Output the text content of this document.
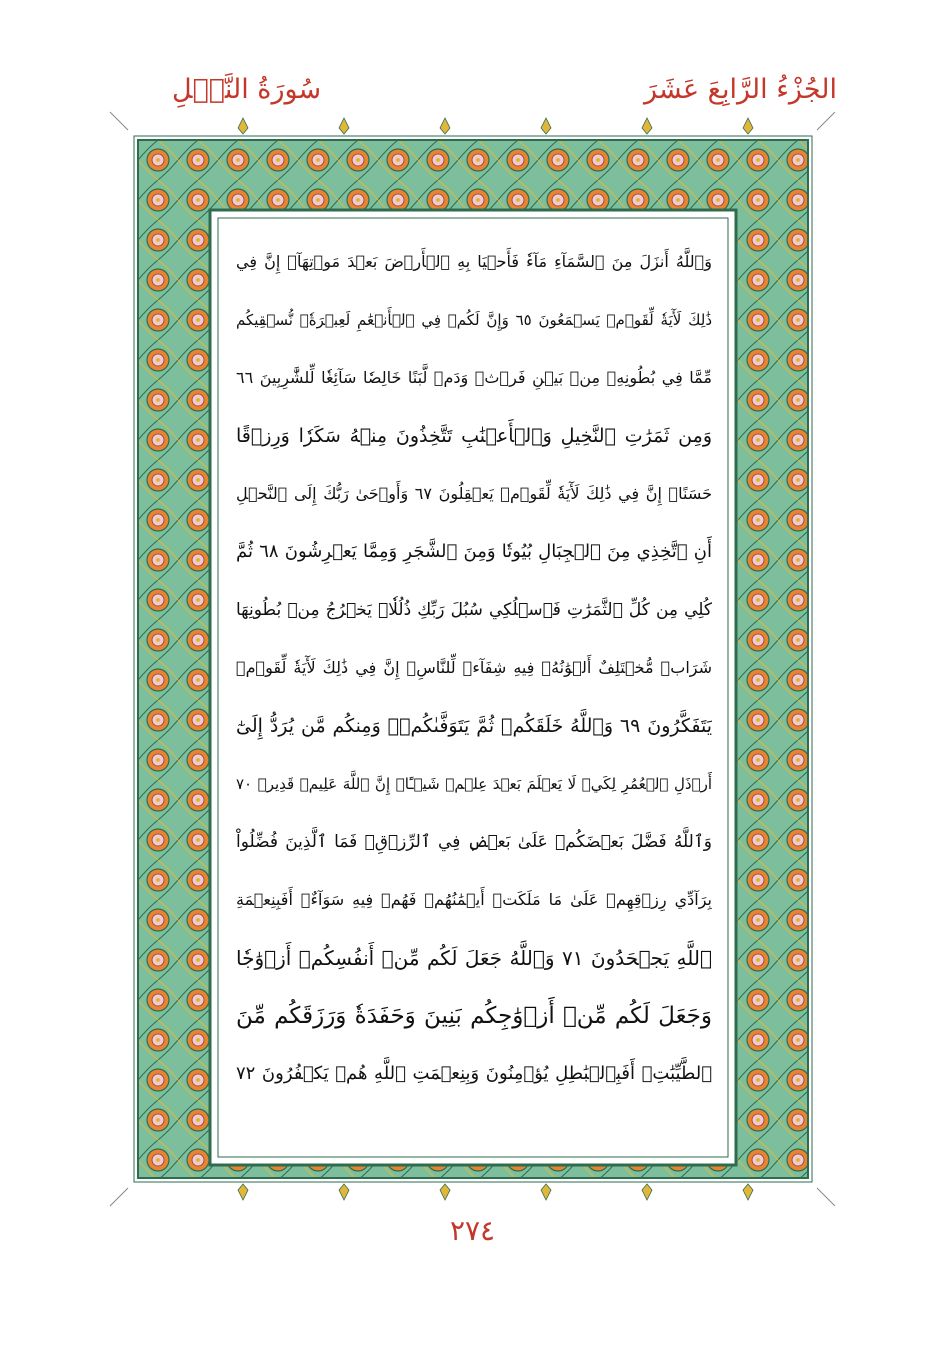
الجُزْءُ الرَّابِعَ عَشَرَ
سُورَةُ النَّحۡلِ
وَٱللَّهُ أَنزَلَ مِنَ ٱلسَّمَآءِ مَآءٗ فَأَحۡيَا بِهِ ٱلۡأَرۡضَ بَعۡدَ مَوۡتِهَآۚ إِنَّ فِي
ذَٰلِكَ لَأٓيَةٗ لِّقَوۡمٖ يَسۡمَعُونَ ٦٥ وَإِنَّ لَكُمۡ فِي ٱلۡأَنۡعَٰمِ لَعِبۡرَةٗۖ نُّسۡقِيكُم
مِّمَّا فِي بُطُونِهِۦ مِنۢ بَيۡنِ فَرۡثٖ وَدَمٖ لَّبَنًا خَالِصٗا سَآئِغٗا لِّلشَّٰرِبِينَ ٦٦
وَمِن ثَمَرَٰتِ ٱلنَّخِيلِ وَٱلۡأَعۡنَٰبِ تَتَّخِذُونَ مِنۡهُ سَكَرٗا وَرِزۡقًا
حَسَنًاۚ إِنَّ فِي ذَٰلِكَ لَأٓيَةٗ لِّقَوۡمٖ يَعۡقِلُونَ ٦٧ وَأَوۡحَىٰ رَبُّكَ إِلَى ٱلنَّحۡلِ
أَنِ ٱتَّخِذِي مِنَ ٱلۡجِبَالِ بُيُوتٗا وَمِنَ ٱلشَّجَرِ وَمِمَّا يَعۡرِشُونَ ٦٨ ثُمَّ
كُلِي مِن كُلِّ ٱلثَّمَرَٰتِ فَٱسۡلُكِي سُبُلَ رَبِّكِ ذُلُلٗاۚ يَخۡرُجُ مِنۢ بُطُونِهَا
شَرَابٞ مُّخۡتَلِفٌ أَلۡوَٰنُهُۥ فِيهِ شِفَآءٞ لِّلنَّاسِۚ إِنَّ فِي ذَٰلِكَ لَأٓيَةٗ لِّقَوۡمٖ
يَتَفَكَّرُونَ ٦٩ وَٱللَّهُ خَلَقَكُمۡ ثُمَّ يَتَوَفَّىٰكُمۡۚ وَمِنكُم مَّن يُرَدُّ إِلَىٰٓ
أَرۡذَلِ ٱلۡعُمُرِ لِكَيۡ لَا يَعۡلَمَ بَعۡدَ عِلۡمٖ شَيۡـًٔاۚ إِنَّ ٱللَّهَ عَلِيمٞ قَدِيرٞ ٧٠
وَٱللَّهُ فَضَّلَ بَعۡضَكُمۡ عَلَىٰ بَعۡضٖ فِي ٱلرِّزۡقِۚ فَمَا ٱلَّذِينَ فُضِّلُواْ
بِرَآدِّي رِزۡقِهِمۡ عَلَىٰ مَا مَلَكَتۡ أَيۡمَٰنُهُمۡ فَهُمۡ فِيهِ سَوَآءٌۚ أَفَبِنِعۡمَةِ
ٱللَّهِ يَجۡحَدُونَ ٧١ وَٱللَّهُ جَعَلَ لَكُم مِّنۡ أَنفُسِكُمۡ أَزۡوَٰجٗا
وَجَعَلَ لَكُم مِّنۡ أَزۡوَٰجِكُم بَنِينَ وَحَفَدَةٗ وَرَزَقَكُم مِّنَ
ٱلطَّيِّبَٰتِۚ أَفَبِٱلۡبَٰطِلِ يُؤۡمِنُونَ وَبِنِعۡمَتِ ٱللَّهِ هُمۡ يَكۡفُرُونَ ٧٢
٢٧٤
